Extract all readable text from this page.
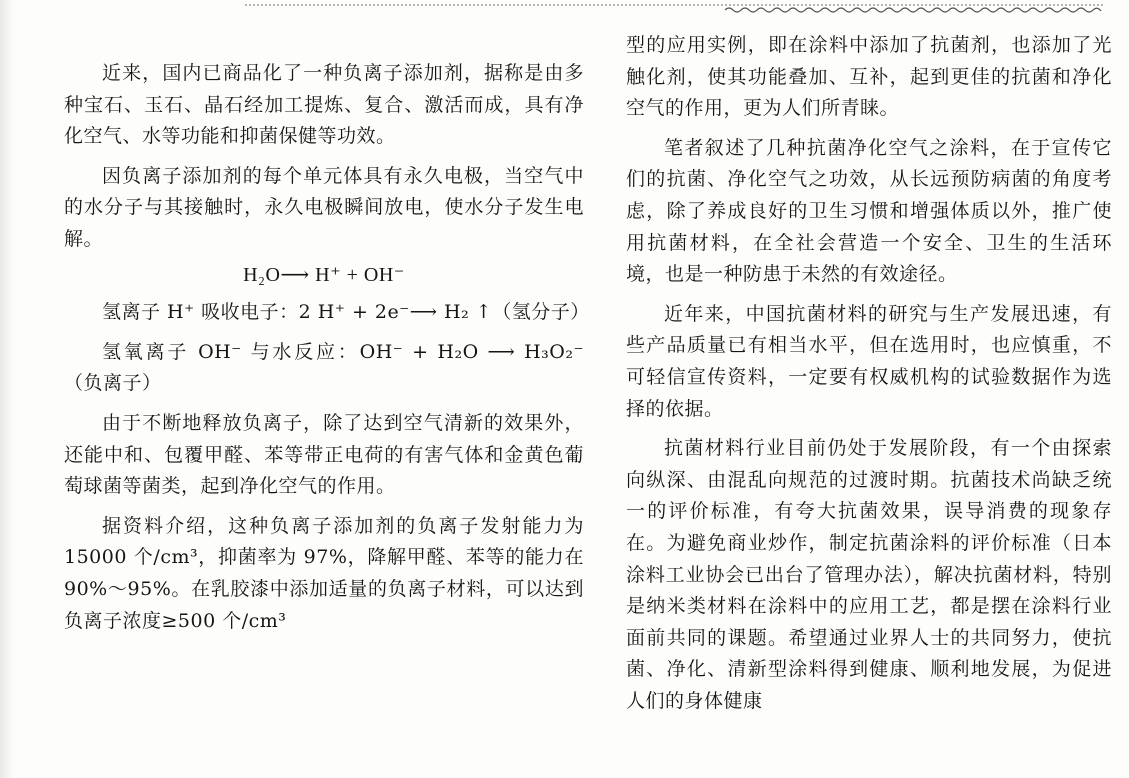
近来，国内已商品化了一种负离子添加剂，据称是由多种宝石、玉石、晶石经加工提炼、复合、激活而成，具有净化空气、水等功能和抑菌保健等功效。

因负离子添加剂的每个单元体具有永久电极，当空气中的水分子与其接触时，永久电极瞬间放电，使水分子发生电解。

H₂O⟶ H⁺ + OH⁻

氢离子 H⁺ 吸收电子：2 H⁺ + 2e⁻⟶ H₂ ↑（氢分子）

氢氧离子 OH⁻ 与水反应：OH⁻ + H₂O ⟶ H₃O₂⁻（负离子）

由于不断地释放负离子，除了达到空气清新的效果外，还能中和、包覆甲醛、苯等带正电荷的有害气体和金黄色葡萄球菌等菌类，起到净化空气的作用。

据资料介绍，这种负离子添加剂的负离子发射能力为 15000 个/cm³，抑菌率为 97%，降解甲醛、苯等的能力在 90%～95%。在乳胶漆中添加适量的负离子材料，可以达到负离子浓度≥500 个/cm³

型的应用实例，即在涂料中添加了抗菌剂，也添加了光触化剂，使其功能叠加、互补，起到更佳的抗菌和净化空气的作用，更为人们所青睐。

笔者叙述了几种抗菌净化空气之涂料，在于宣传它们的抗菌、净化空气之功效，从长远预防病菌的角度考虑，除了养成良好的卫生习惯和增强体质以外，推广使用抗菌材料，在全社会营造一个安全、卫生的生活环境，也是一种防患于未然的有效途径。

近年来，中国抗菌材料的研究与生产发展迅速，有些产品质量已有相当水平，但在选用时，也应慎重，不可轻信宣传资料，一定要有权威机构的试验数据作为选择的依据。

抗菌材料行业目前仍处于发展阶段，有一个由探索向纵深、由混乱向规范的过渡时期。抗菌技术尚缺乏统一的评价标准，有夸大抗菌效果，误导消费的现象存在。为避免商业炒作，制定抗菌涂料的评价标准（日本涂料工业协会已出台了管理办法），解决抗菌材料，特别是纳米类材料在涂料中的应用工艺，都是摆在涂料行业面前共同的课题。希望通过业界人士的共同努力，使抗菌、净化、清新型涂料得到健康、顺利地发展，为促进人们的身体健康
